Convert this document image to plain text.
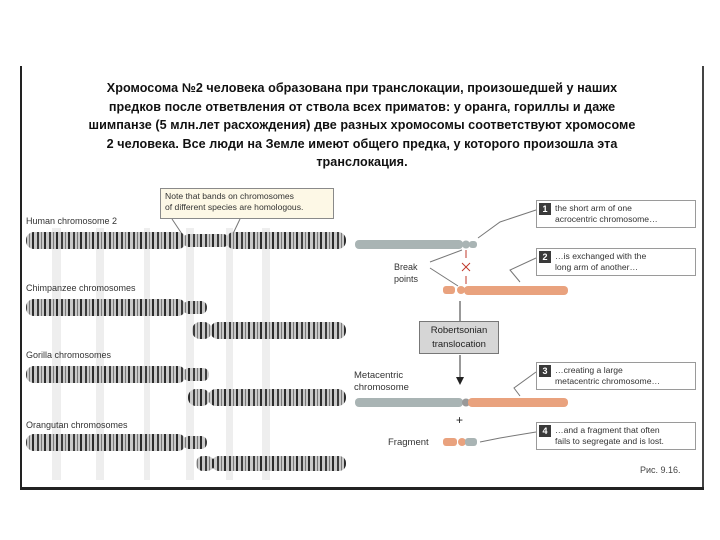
Хромосома №2 человека образована при транслокации, произошедшей у наших
предков после ответвления от ствола всех приматов: у оранга, гориллы и даже
шимпанзе (5 млн.лет расхождения) две разных хромосомы соответствуют хромосоме
2 человека. Все люди на Земле имеют общего предка, у которого произошла эта
транслокация.
Note that bands on chromosomes
of different species are homologous.
Human chromosome 2
Chimpanzee chromosomes
Gorilla chromosomes
Orangutan chromosomes
Break
points
Robertsonian
translocation
Metacentric
chromosome
+
Fragment
1 the short arm of one
acrocentric chromosome…
2 …is exchanged with the
long arm of another…
3 …creating a large
metacentric chromosome…
4 …and a fragment that often
fails to segregate and is lost.
Рис. 9.16.
